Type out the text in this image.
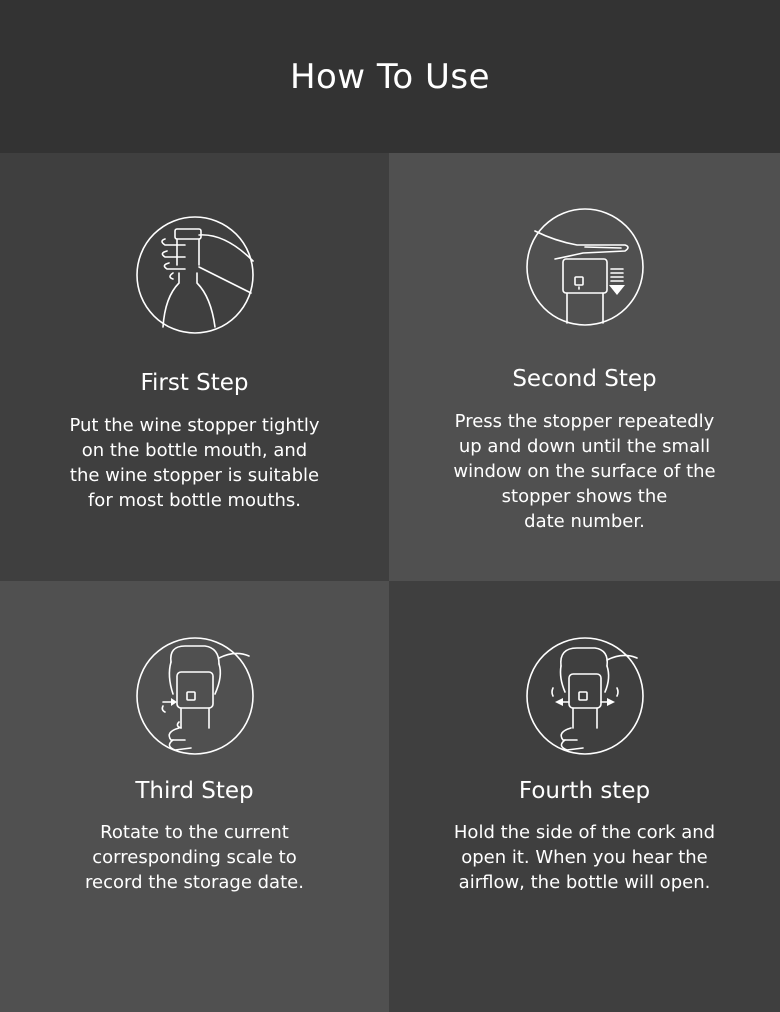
How To Use
First Step

Put the wine stopper tightly
on the bottle mouth, and
the wine stopper is suitable
for most bottle mouths.

Second Step

Press the stopper repeatedly
up and down until the small
window on the surface of the
stopper shows the
date number.

Third Step

Rotate to the current
corresponding scale to
record the storage date.

Fourth step

Hold the side of the cork and
open it. When you hear the
airflow, the bottle will open.
